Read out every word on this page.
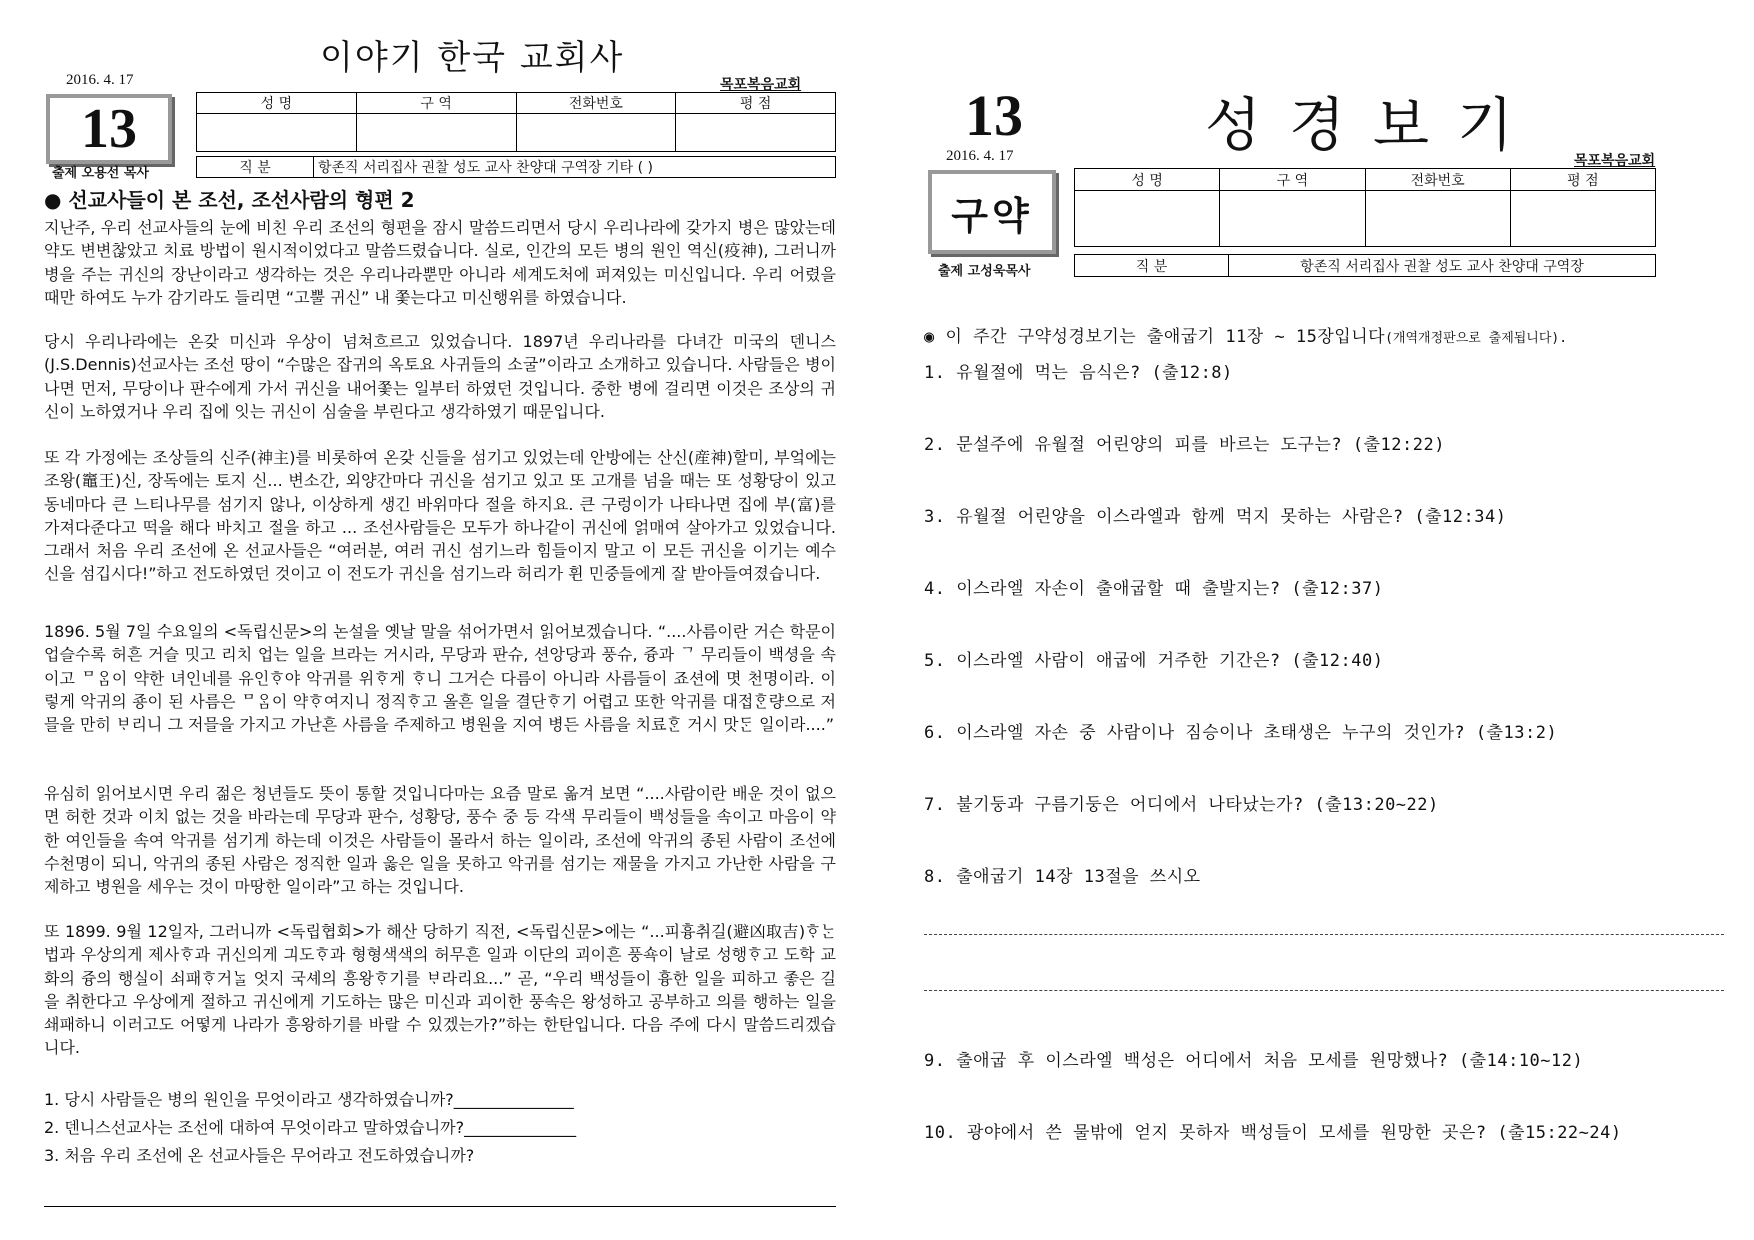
이야기 한국 교회사
2016. 4. 17	목포복음교회
13
출제 오용선 목사
성 명	구 역	전화번호	평 점

직 분	항존직 서리집사 권찰 성도 교사 찬양대 구역장 기타 ( )
● 선교사들이 본 조선, 조선사람의 형편 2
지난주, 우리 선교사들의 눈에 비친 우리 조선의 형편을 잠시 말씀드리면서 당시 우리나라에 갖가지 병은 많았는데 약도 변변찮았고 치료 방법이 원시적이었다고 말씀드렸습니다. 실로, 인간의 모든 병의 원인 역신(疫神), 그러니까 병을 주는 귀신의 장난이라고 생각하는 것은 우리나라뿐만 아니라 세계도처에 퍼져있는 미신입니다. 우리 어렸을 때만 하여도 누가 감기라도 들리면 “고뿔 귀신” 내 쫓는다고 미신행위를 하였습니다.
당시 우리나라에는 온갖 미신과 우상이 넘쳐흐르고 있었습니다. 1897년 우리나라를 다녀간 미국의 덴니스(J.S.Dennis)선교사는 조선 땅이 “수많은 잡귀의 옥토요 사귀들의 소굴”이라고 소개하고 있습니다. 사람들은 병이 나면 먼저, 무당이나 판수에게 가서 귀신을 내어쫓는 일부터 하였던 것입니다. 중한 병에 걸리면 이것은 조상의 귀신이 노하였거나 우리 집에 잇는 귀신이 심술을 부린다고 생각하였기 때문입니다.
또 각 가정에는 조상들의 신주(神主)를 비롯하여 온갖 신들을 섬기고 있었는데 안방에는 산신(産神)할미, 부엌에는 조왕(竈王)신, 장독에는 토지 신... 변소간, 외양간마다 귀신을 섬기고 있고 또 고개를 넘을 때는 또 성황당이 있고 동네마다 큰 느티나무를 섬기지 않나, 이상하게 생긴 바위마다 절을 하지요. 큰 구렁이가 나타나면 집에 부(富)를 가져다준다고 떡을 해다 바치고 절을 하고 ... 조선사람들은 모두가 하나같이 귀신에 얽매여 살아가고 있었습니다. 그래서 처음 우리 조선에 온 선교사들은 “여러분, 여러 귀신 섬기느라 힘들이지 말고 이 모든 귀신을 이기는 예수 신을 섬깁시다!”하고 전도하였던 것이고 이 전도가 귀신을 섬기느라 허리가 휜 민중들에게 잘 받아들여졌습니다.
1896. 5월 7일 수요일의 <독립신문>의 논설을 옛날 말을 섞어가면서 읽어보겠습니다. “....사름이란 거슨 학문이 업슬수록 허흔 거슬 밋고 리치 업는 일을 브라는 거시라, 무당과 판슈, 션앙당과 풍슈, 즁과 ᄀ 무리들이 백셩을 속이고 ᄆᄋᆞᆷ이 약한 녀인네를 유인ᄒᆞ야 악귀를 위ᄒᆞ게 ᄒᆞ니 그거슨 다름이 아니라 사름들이 죠션에 몃 천명이라. 이렇게 악귀의 죵이 된 사름은 ᄆᄋᆞᆷ이 약ᄒᆞ여지니 정직ᄒᆞ고 올흔 일을 결단ᄒᆞ기 어렵고 또한 악귀를 대접ᄒᆞᆫ량으로 저믈을 만히 ᄇᆞ리니 그 저믈을 가지고 가난흔 사름을 주제하고 병원을 지여 병든 사름을 치료ᄒᆞᆫ 거시 맛ᄃᆞᆫ 일이라....”
유심히 읽어보시면 우리 젊은 청년들도 뜻이 통할 것입니다마는 요즘 말로 옮겨 보면 “....사람이란 배운 것이 없으면 허한 것과 이치 없는 것을 바라는데 무당과 판수, 성황당, 풍수 중 등 각색 무리들이 백성들을 속이고 마음이 약한 여인들을 속여 악귀를 섬기게 하는데 이것은 사람들이 몰라서 하는 일이라, 조선에 악귀의 종된 사람이 조선에 수천명이 되니, 악귀의 종된 사람은 정직한 일과 옳은 일을 못하고 악귀를 섬기는 재물을 가지고 가난한 사람을 구제하고 병원을 세우는 것이 마땅한 일이라”고 하는 것입니다.
또 1899. 9월 12일자, 그러니까 <독립협회>가 해산 당하기 직전, <독립신문>에는 “...피흉취길(避凶取吉)ᄒᆞᄂᆞᆫ 법과 우상의게 제사ᄒᆞ과 귀신의게 긔도ᄒᆞ과 형형색색의 허무흔 일과 이단의 괴이흔 풍쇽이 날로 성행ᄒᆞ고 도학 교화의 즁의 행실이 쇠패ᄒᆞ거ᄂᆞᆯ 엇지 국셰의 흥왕ᄒᆞ기를 ᄇᆞ라리요...” 곧, “우리 백성들이 흉한 일을 피하고 좋은 길을 취한다고 우상에게 절하고 귀신에게 기도하는 많은 미신과 괴이한 풍속은 왕성하고 공부하고 의를 행하는 일을 쇄패하니 이러고도 어떻게 나라가 흥왕하기를 바랄 수 있겠는가?”하는 한탄입니다. 다음 주에 다시 말씀드리겠습니다.
1. 당시 사람들은 병의 원인을 무엇이라고 생각하였습니까?_______________
2. 덴니스선교사는 조선에 대하여 무엇이라고 말하였습니까?______________
3. 처음 우리 조선에 온 선교사들은 무어라고 전도하였습니까?
13	성경보기
2016. 4. 17	목포복음교회
구약
출제 고성욱목사
성 명	구 역	전화번호	평 점

직 분	항존직 서리집사 권찰 성도 교사 찬양대 구역장
◉ 이 주간 구약성경보기는 출애굽기 11장 ~ 15장입니다(개역개정판으로 출제됩니다).
1. 유월절에 먹는 음식은? (출12:8)
2. 문설주에 유월절 어린양의 피를 바르는 도구는? (출12:22)
3. 유월절 어린양을 이스라엘과 함께 먹지 못하는 사람은? (출12:34)
4. 이스라엘 자손이 출애굽할 때 출발지는? (출12:37)
5. 이스라엘 사람이 애굽에 거주한 기간은? (출12:40)
6. 이스라엘 자손 중 사람이나 짐승이나 초태생은 누구의 것인가? (출13:2)
7. 불기둥과 구름기둥은 어디에서 나타났는가? (출13:20~22)
8. 출애굽기 14장 13절을 쓰시오
9. 출애굽 후 이스라엘 백성은 어디에서 처음 모세를 원망했나? (출14:10~12)
10. 광야에서 쓴 물밖에 얻지 못하자 백성들이 모세를 원망한 곳은? (출15:22~24)
